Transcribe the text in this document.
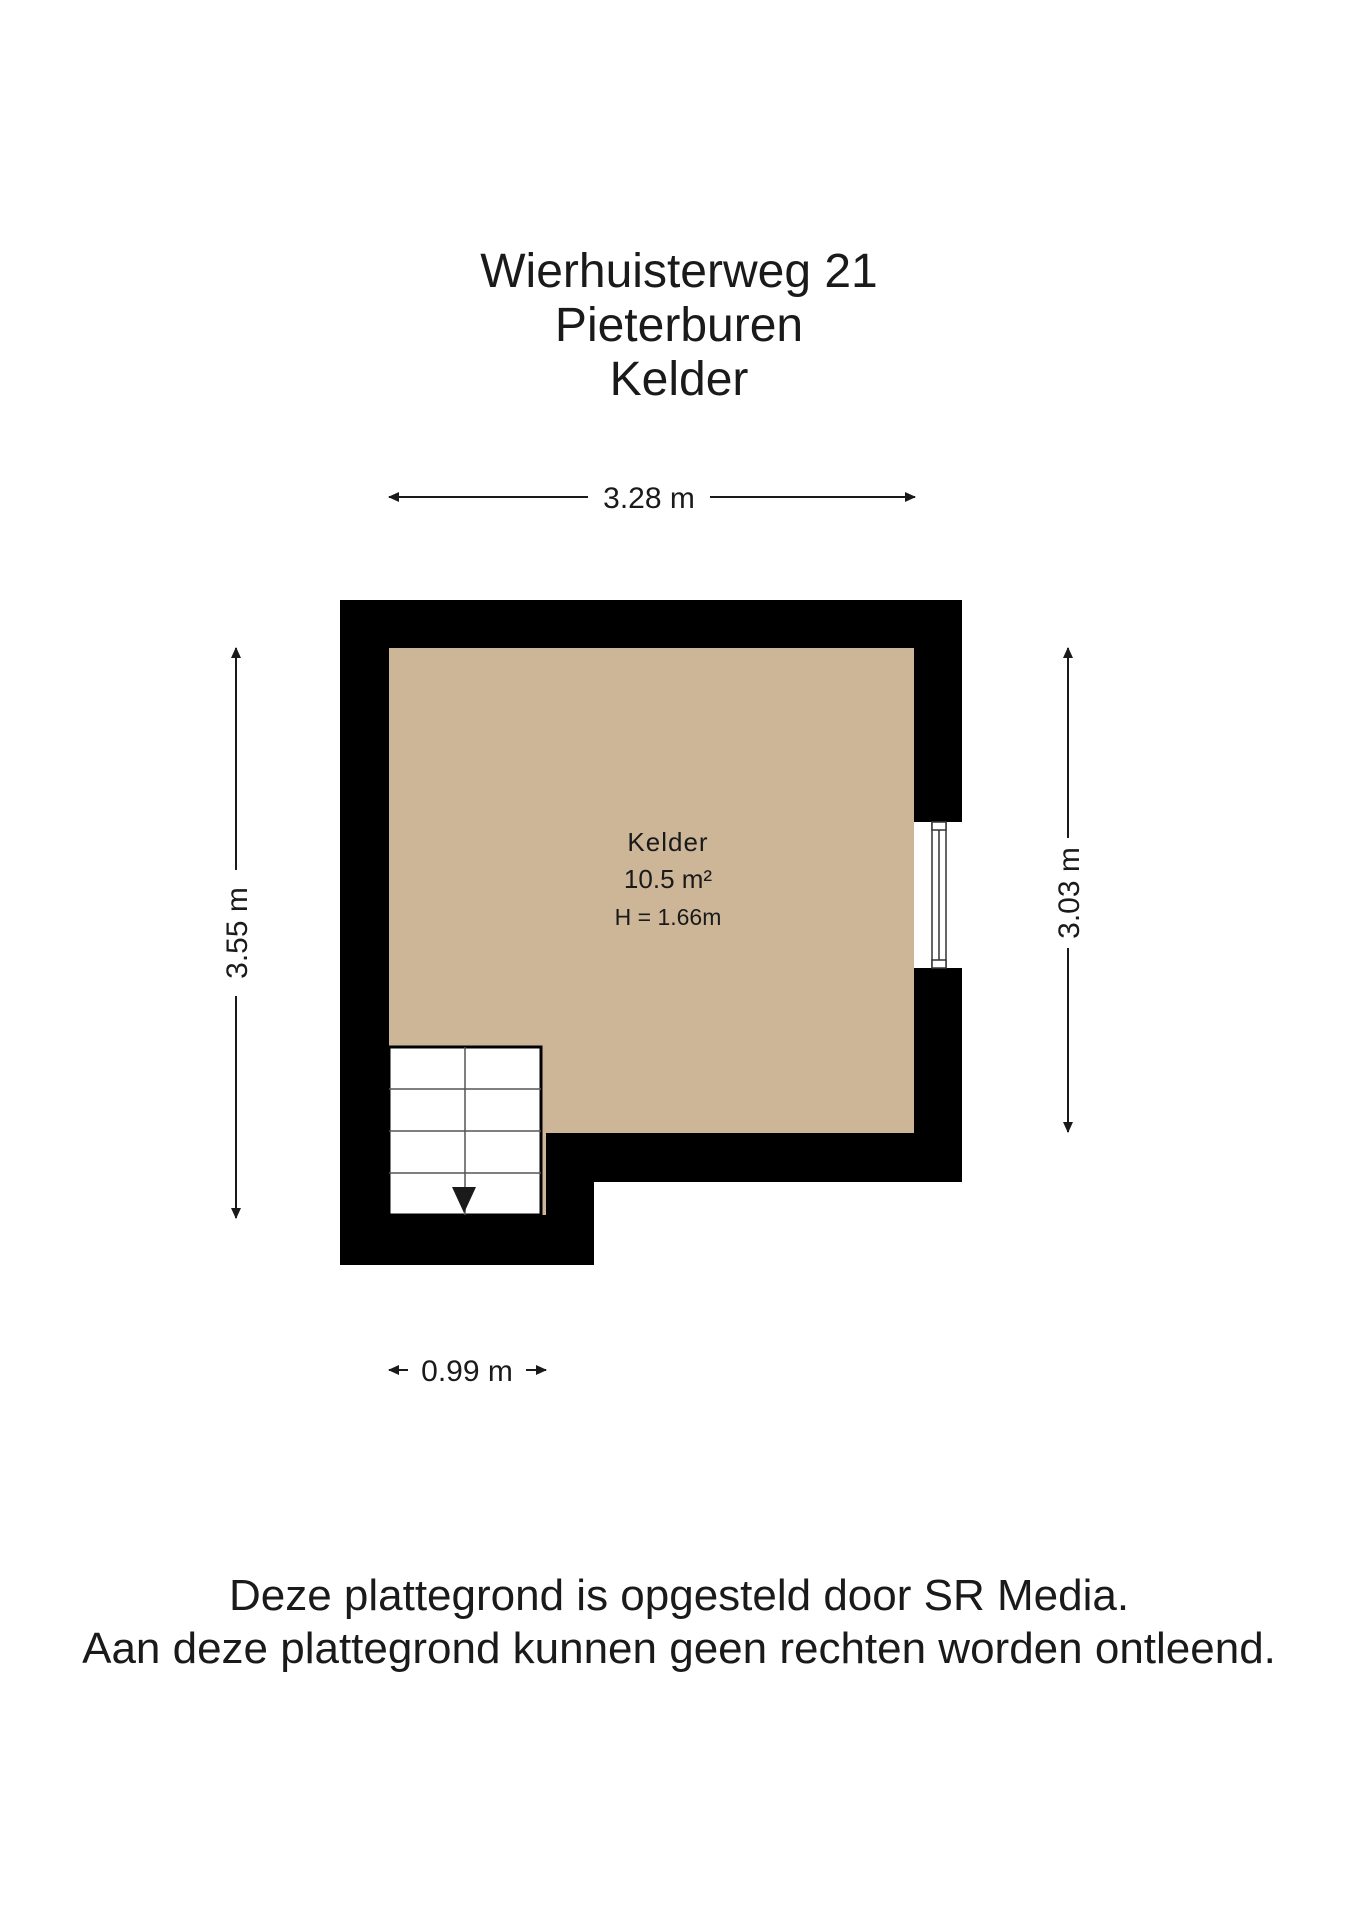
Wierhuisterweg 21
Pieterburen
Kelder
3.28 m
3.55 m	3.03 m
0.99 m
Kelder
10.5 m²
H = 1.66m
Deze plattegrond is opgesteld door SR Media.
Aan deze plattegrond kunnen geen rechten worden ontleend.
